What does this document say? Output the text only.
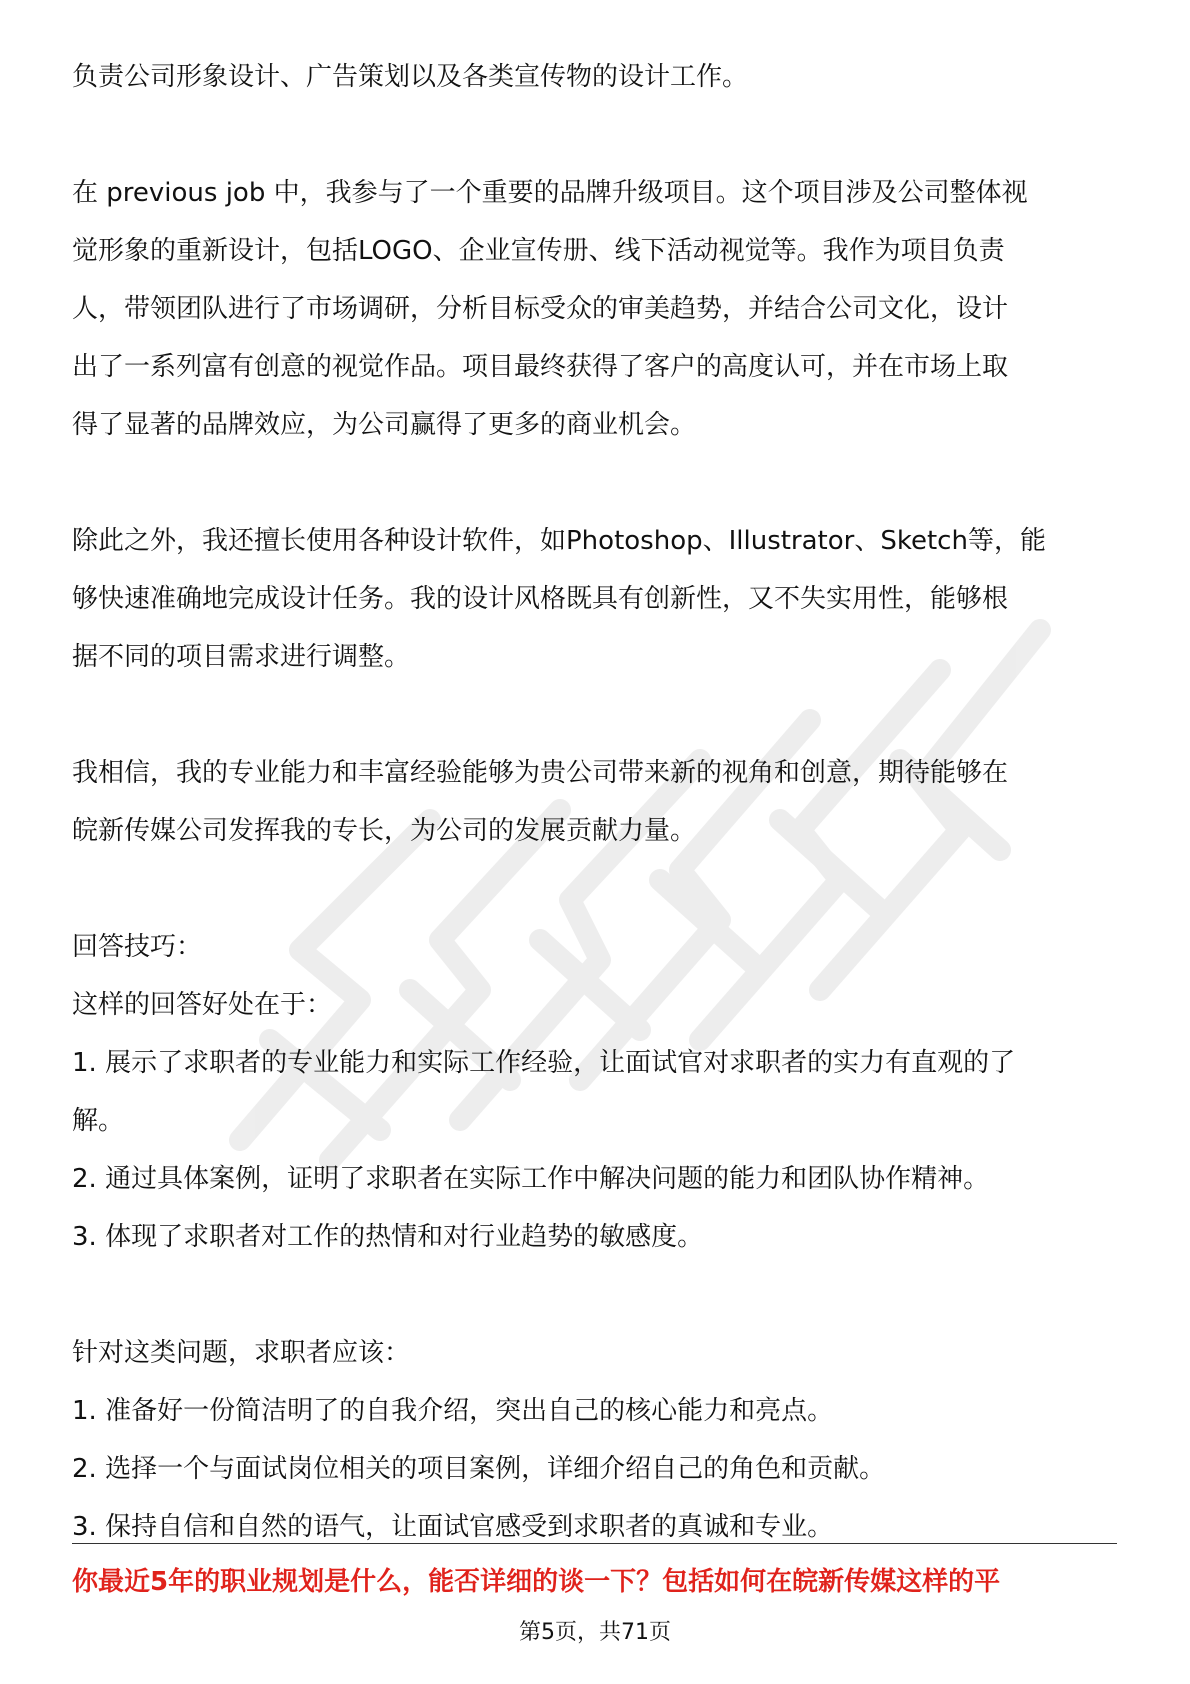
负责公司形象设计、广告策划以及各类宣传物的设计工作。

在 previous job 中，我参与了一个重要的品牌升级项目。这个项目涉及公司整体视

觉形象的重新设计，包括LOGO、企业宣传册、线下活动视觉等。我作为项目负责

人，带领团队进行了市场调研，分析目标受众的审美趋势，并结合公司文化，设计

出了一系列富有创意的视觉作品。项目最终获得了客户的高度认可，并在市场上取

得了显著的品牌效应，为公司赢得了更多的商业机会。

除此之外，我还擅长使用各种设计软件，如Photoshop、Illustrator、Sketch等，能

够快速准确地完成设计任务。我的设计风格既具有创新性，又不失实用性，能够根

据不同的项目需求进行调整。

我相信，我的专业能力和丰富经验能够为贵公司带来新的视角和创意，期待能够在

皖新传媒公司发挥我的专长，为公司的发展贡献力量。

回答技巧：

这样的回答好处在于：

1. 展示了求职者的专业能力和实际工作经验，让面试官对求职者的实力有直观的了

解。

2. 通过具体案例，证明了求职者在实际工作中解决问题的能力和团队协作精神。

3. 体现了求职者对工作的热情和对行业趋势的敏感度。

针对这类问题，求职者应该：

1. 准备好一份简洁明了的自我介绍，突出自己的核心能力和亮点。

2. 选择一个与面试岗位相关的项目案例，详细介绍自己的角色和贡献。

3. 保持自信和自然的语气，让面试官感受到求职者的真诚和专业。

你最近5年的职业规划是什么，能否详细的谈一下？包括如何在皖新传媒这样的平
第5页，共71页
